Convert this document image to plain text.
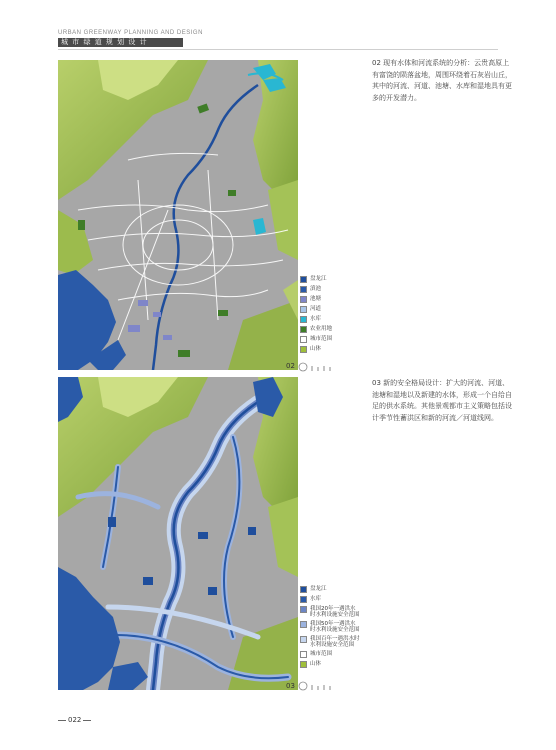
URBAN GREENWAY PLANNING AND DESIGN
城 市 绿 道 规 划 设 计
盘龙江
滇池
池塘
河道
水库
农业用地
城市范围
山体
02
02 现有水体和河流系统的分析：云贵高原上有富饶的陨落盆地，周围环绕着石灰岩山丘，其中的河流、河道、池塘、水库和湿地具有更多的开发潜力。
盘龙江
水库
我国20年一遇洪水时水利设施安全范围
我国50年一遇洪水时水利设施安全范围
我国百年一遇洪水时水利设施安全范围
城市范围
山体
03
03 新的安全格局设计：扩大的河流、河道、池塘和湿地以及新建的水体，形成一个自给自足的供水系统。其他景观都市主义策略包括设计季节性蓄洪区和新的河流／河道线网。
022
